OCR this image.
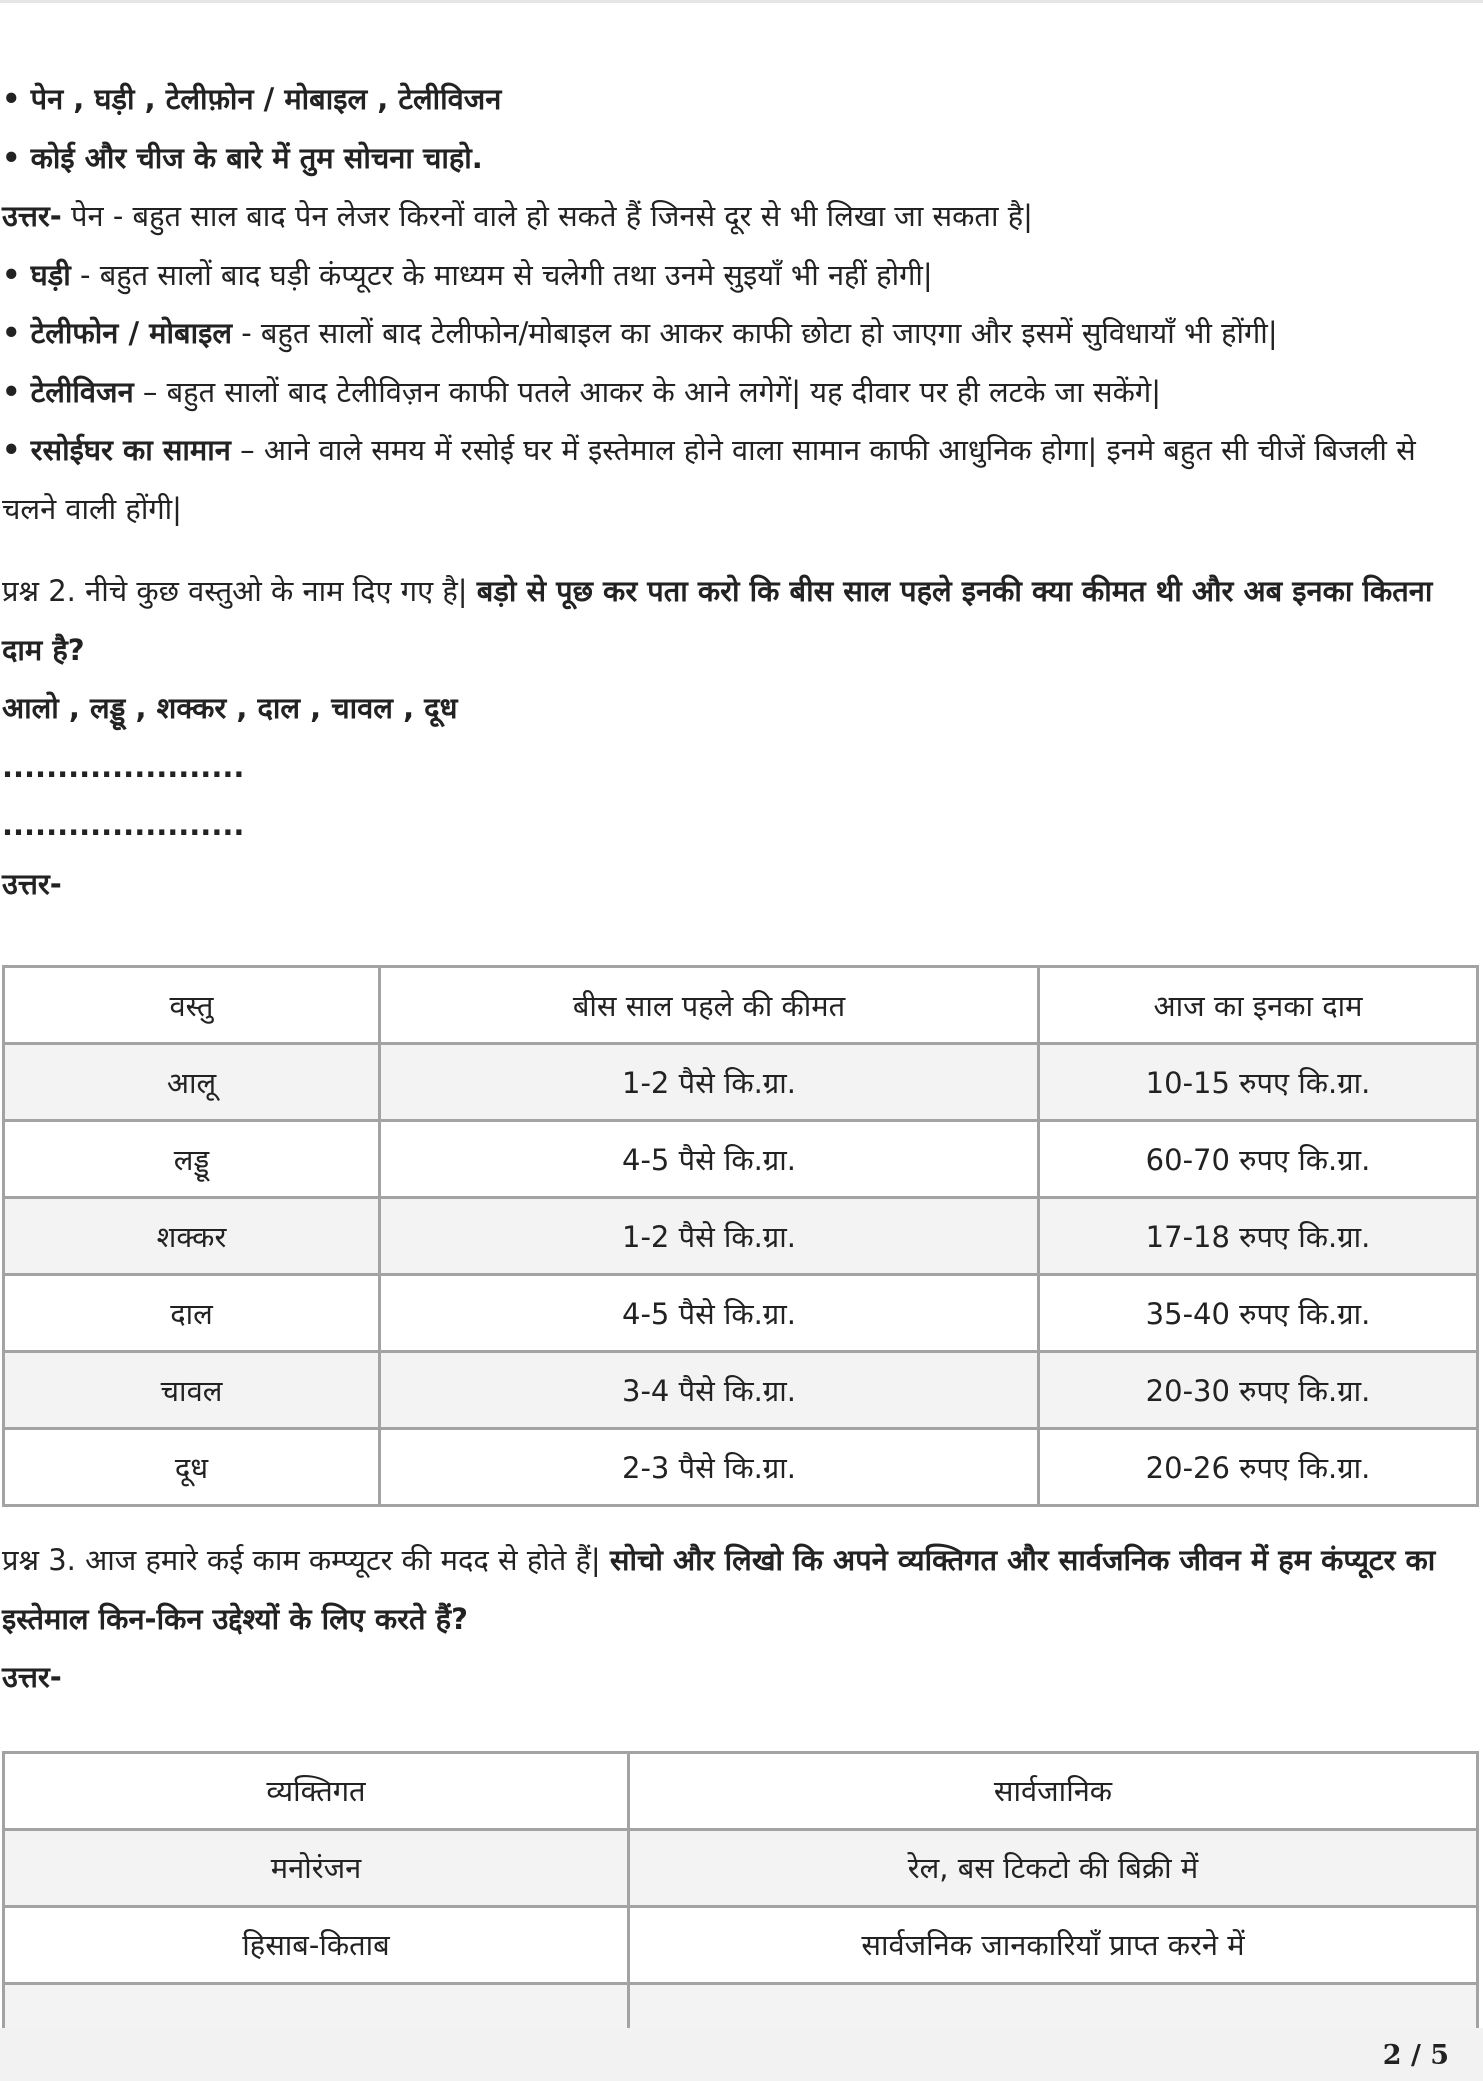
• पेन , घड़ी , टेलीफ़ोन / मोबाइल , टेलीविजन
• कोई और चीज के बारे में तुम सोचना चाहो.
उत्तर- पेन - बहुत साल बाद पेन लेजर किरनों वाले हो सकते हैं जिनसे दूर से भी लिखा जा सकता है|
• घड़ी - बहुत सालों बाद घड़ी कंप्यूटर के माध्यम से चलेगी तथा उनमे सुइयाँ भी नहीं होगी|
• टेलीफोन / मोबाइल - बहुत सालों बाद टेलीफोन/मोबाइल का आकर काफी छोटा हो जाएगा और इसमें सुविधायाँ भी होंगी|
• टेलीविजन – बहुत सालों बाद टेलीविज़न काफी पतले आकर के आने लगेगें| यह दीवार पर ही लटके जा सकेंगे|
• रसोईघर का सामान – आने वाले समय में रसोई घर में इस्तेमाल होने वाला सामान काफी आधुनिक होगा| इनमे बहुत सी चीजें बिजली से चलने वाली होंगी|
प्रश्न 2. नीचे कुछ वस्तुओ के नाम दिए गए है| बड़ो से पूछ कर पता करो कि बीस साल पहले इनकी क्या कीमत थी और अब इनका कितना दाम है?
आलो , लड्डू , शक्कर , दाल , चावल , दूध
......................
......................
उत्तर-
वस्तु	बीस साल पहले की कीमत	आज का इनका दाम
आलू	1-2 पैसे कि.ग्रा.	10-15 रुपए कि.ग्रा.
लड्डू	4-5 पैसे कि.ग्रा.	60-70 रुपए कि.ग्रा.
शक्कर	1-2 पैसे कि.ग्रा.	17-18 रुपए कि.ग्रा.
दाल	4-5 पैसे कि.ग्रा.	35-40 रुपए कि.ग्रा.
चावल	3-4 पैसे कि.ग्रा.	20-30 रुपए कि.ग्रा.
दूध	2-3 पैसे कि.ग्रा.	20-26 रुपए कि.ग्रा.
प्रश्न 3. आज हमारे कई काम कम्प्यूटर की मदद से होते हैं| सोचो और लिखो कि अपने व्यक्तिगत और सार्वजनिक जीवन में हम कंप्यूटर का इस्तेमाल किन-किन उद्देश्यों के लिए करते हैं?
उत्तर-
व्यक्तिगत	सार्वजानिक
मनोरंजन	रेल, बस टिकटो की बिक्री में
हिसाब-किताब	सार्वजनिक जानकारियाँ प्राप्त करने में

2 / 5
